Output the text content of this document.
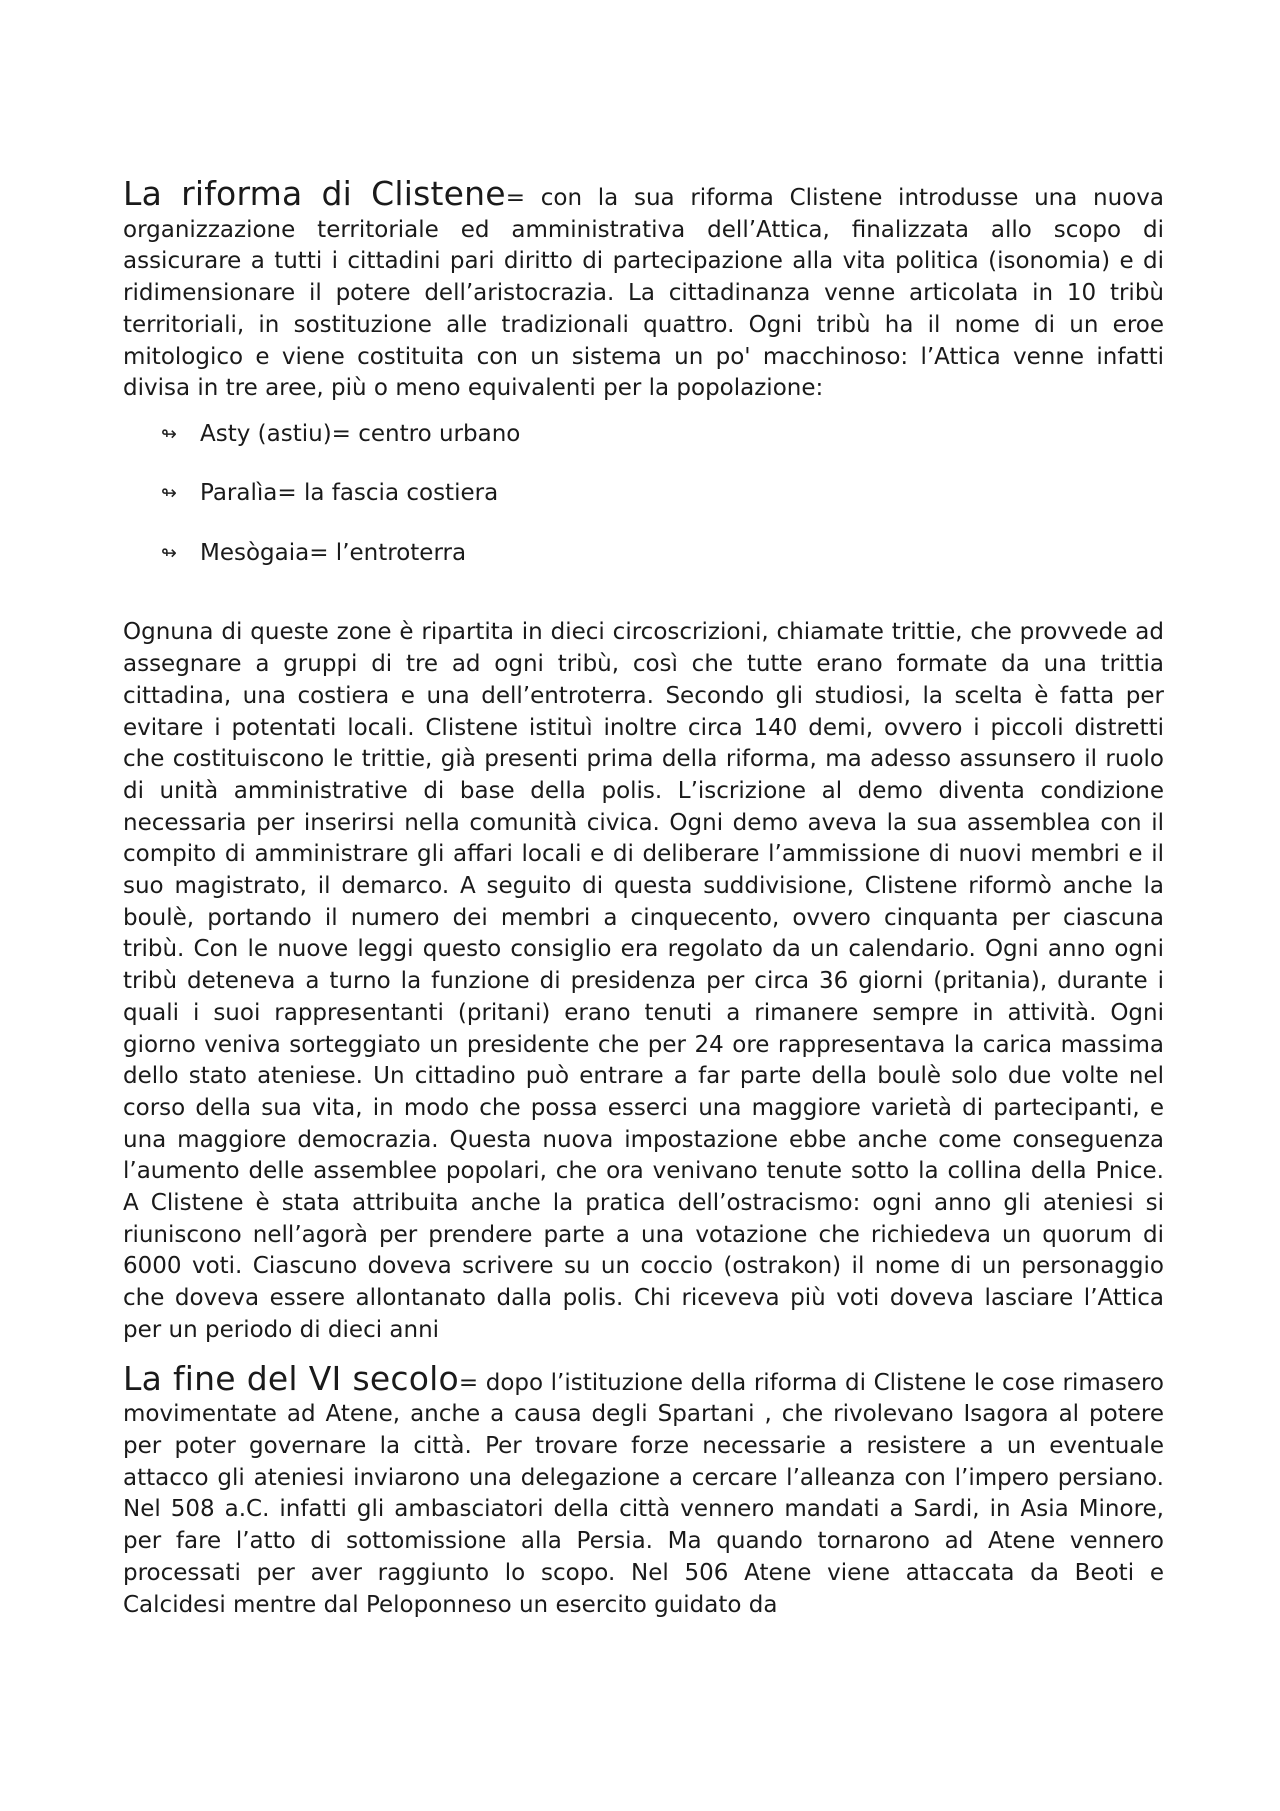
La riforma di Clistene= con la sua riforma Clistene introdusse una nuova organizzazione territoriale ed amministrativa dell’Attica, finalizzata allo scopo di assicurare a tutti i cittadini pari diritto di partecipazione alla vita politica (isonomia) e di ridimensionare il potere dell’aristocrazia. La cittadinanza venne articolata in 10 tribù territoriali, in sostituzione alle tradizionali quattro. Ogni tribù ha il nome di un eroe mitologico e viene costituita con un sistema un po' macchinoso: l’Attica venne infatti divisa in tre aree, più o meno equivalenti per la popolazione:

↬ Asty (astiu)= centro urbano
↬ Paralìa= la fascia costiera
↬ Mesògaia= l’entroterra

Ognuna di queste zone è ripartita in dieci circoscrizioni, chiamate trittie, che provvede ad assegnare a gruppi di tre ad ogni tribù, così che tutte erano formate da una trittia cittadina, una costiera e una dell’entroterra. Secondo gli studiosi, la scelta è fatta per evitare i potentati locali. Clistene istituì inoltre circa 140 demi, ovvero i piccoli distretti che costituiscono le trittie, già presenti prima della riforma, ma adesso assunsero il ruolo di unità amministrative di base della polis. L’iscrizione al demo diventa condizione necessaria per inserirsi nella comunità civica. Ogni demo aveva la sua assemblea con il compito di amministrare gli affari locali e di deliberare l’ammissione di nuovi membri e il suo magistrato, il demarco. A seguito di questa suddivisione, Clistene riformò anche la boulè, portando il numero dei membri a cinquecento, ovvero cinquanta per ciascuna tribù. Con le nuove leggi questo consiglio era regolato da un calendario. Ogni anno ogni tribù deteneva a turno la funzione di presidenza per circa 36 giorni (pritania), durante i quali i suoi rappresentanti (pritani) erano tenuti a rimanere sempre in attività. Ogni giorno veniva sorteggiato un presidente che per 24 ore rappresentava la carica massima dello stato ateniese. Un cittadino può entrare a far parte della boulè solo due volte nel corso della sua vita, in modo che possa esserci una maggiore varietà di partecipanti, e una maggiore democrazia. Questa nuova impostazione ebbe anche come conseguenza l’aumento delle assemblee popolari, che ora venivano tenute sotto la collina della Pnice. A Clistene è stata attribuita anche la pratica dell’ostracismo: ogni anno gli ateniesi si riuniscono nell’agorà per prendere parte a una votazione che richiedeva un quorum di 6000 voti. Ciascuno doveva scrivere su un coccio (ostrakon) il nome di un personaggio che doveva essere allontanato dalla polis. Chi riceveva più voti doveva lasciare l’Attica per un periodo di dieci anni

La fine del VI secolo= dopo l’istituzione della riforma di Clistene le cose rimasero movimentate ad Atene, anche a causa degli Spartani , che rivolevano Isagora al potere per poter governare la città. Per trovare forze necessarie a resistere a un eventuale attacco gli ateniesi inviarono una delegazione a cercare l’alleanza con l’impero persiano. Nel 508 a.C. infatti gli ambasciatori della città vennero mandati a Sardi, in Asia Minore, per fare l’atto di sottomissione alla Persia. Ma quando tornarono ad Atene vennero processati per aver raggiunto lo scopo. Nel 506 Atene viene attaccata da Beoti e Calcidesi mentre dal Peloponneso un esercito guidato da
